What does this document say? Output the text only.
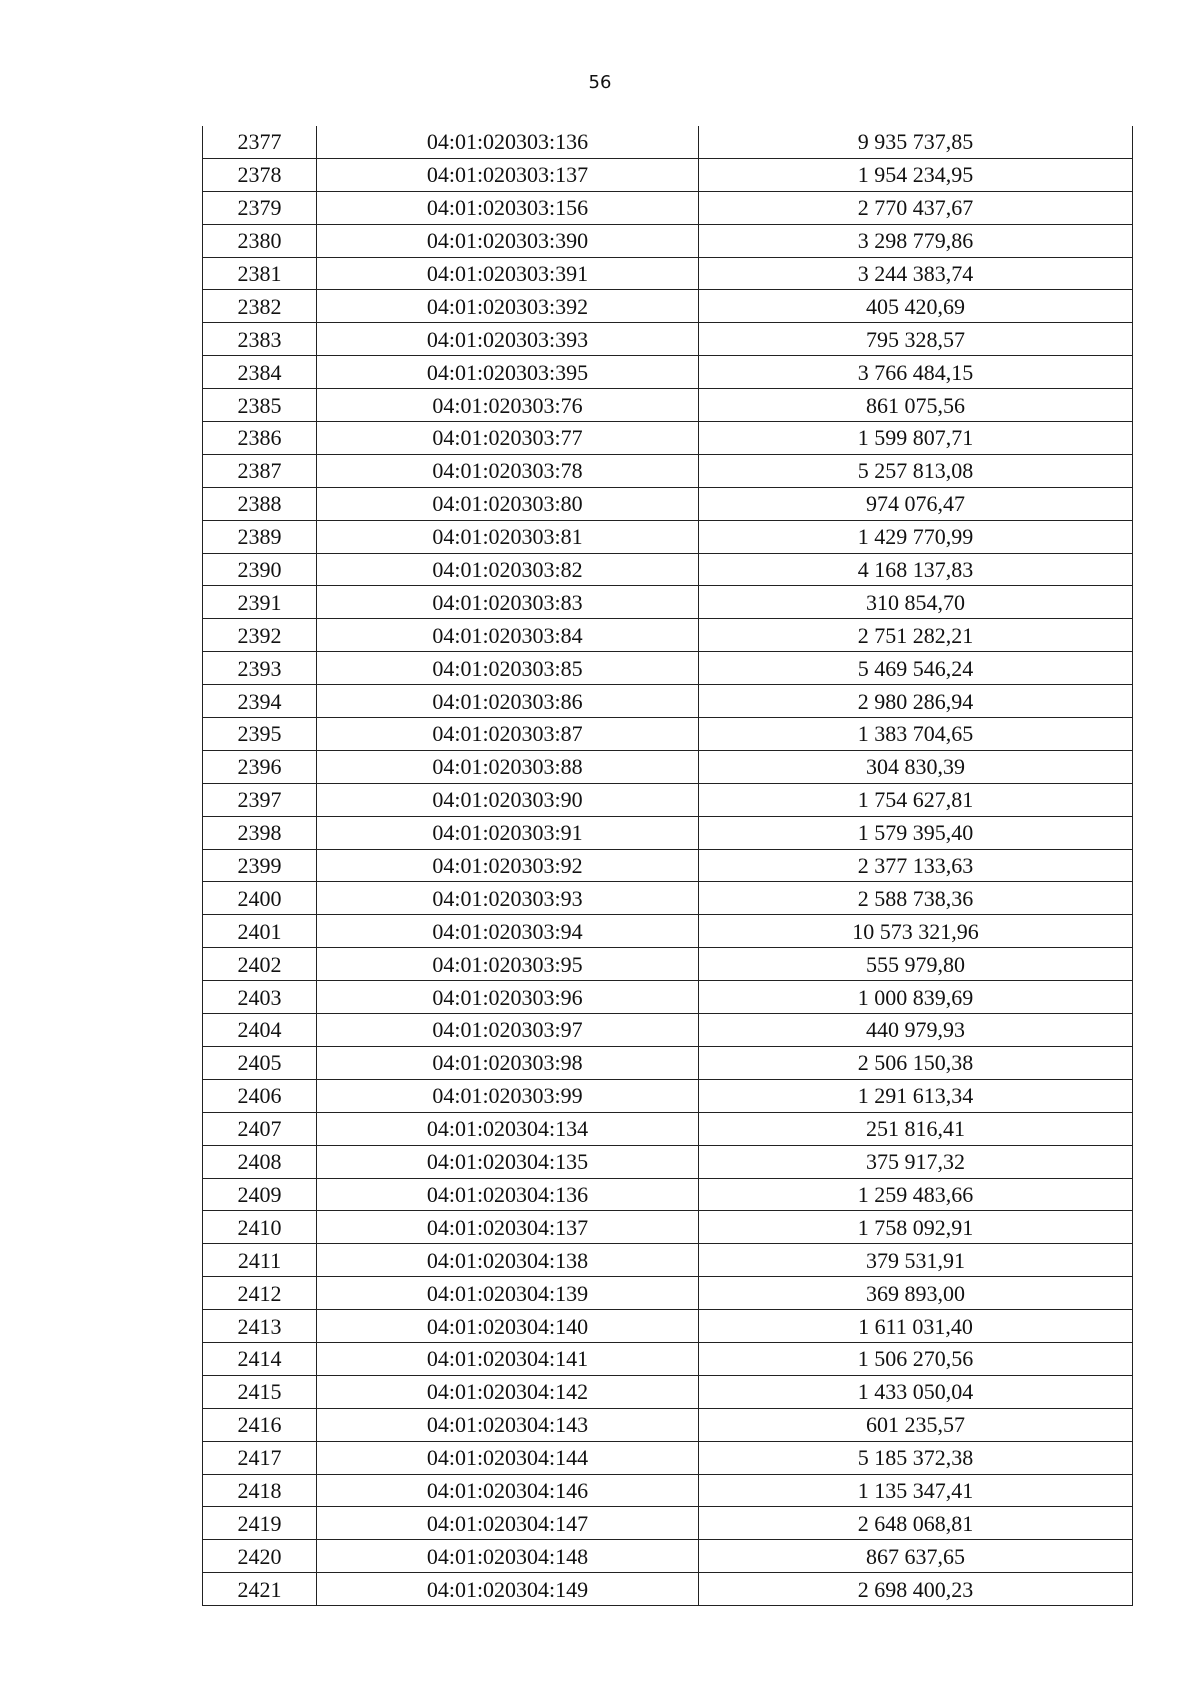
56
2377	04:01:020303:136	9 935 737,85
2378	04:01:020303:137	1 954 234,95
2379	04:01:020303:156	2 770 437,67
2380	04:01:020303:390	3 298 779,86
2381	04:01:020303:391	3 244 383,74
2382	04:01:020303:392	405 420,69
2383	04:01:020303:393	795 328,57
2384	04:01:020303:395	3 766 484,15
2385	04:01:020303:76	861 075,56
2386	04:01:020303:77	1 599 807,71
2387	04:01:020303:78	5 257 813,08
2388	04:01:020303:80	974 076,47
2389	04:01:020303:81	1 429 770,99
2390	04:01:020303:82	4 168 137,83
2391	04:01:020303:83	310 854,70
2392	04:01:020303:84	2 751 282,21
2393	04:01:020303:85	5 469 546,24
2394	04:01:020303:86	2 980 286,94
2395	04:01:020303:87	1 383 704,65
2396	04:01:020303:88	304 830,39
2397	04:01:020303:90	1 754 627,81
2398	04:01:020303:91	1 579 395,40
2399	04:01:020303:92	2 377 133,63
2400	04:01:020303:93	2 588 738,36
2401	04:01:020303:94	10 573 321,96
2402	04:01:020303:95	555 979,80
2403	04:01:020303:96	1 000 839,69
2404	04:01:020303:97	440 979,93
2405	04:01:020303:98	2 506 150,38
2406	04:01:020303:99	1 291 613,34
2407	04:01:020304:134	251 816,41
2408	04:01:020304:135	375 917,32
2409	04:01:020304:136	1 259 483,66
2410	04:01:020304:137	1 758 092,91
2411	04:01:020304:138	379 531,91
2412	04:01:020304:139	369 893,00
2413	04:01:020304:140	1 611 031,40
2414	04:01:020304:141	1 506 270,56
2415	04:01:020304:142	1 433 050,04
2416	04:01:020304:143	601 235,57
2417	04:01:020304:144	5 185 372,38
2418	04:01:020304:146	1 135 347,41
2419	04:01:020304:147	2 648 068,81
2420	04:01:020304:148	867 637,65
2421	04:01:020304:149	2 698 400,23
